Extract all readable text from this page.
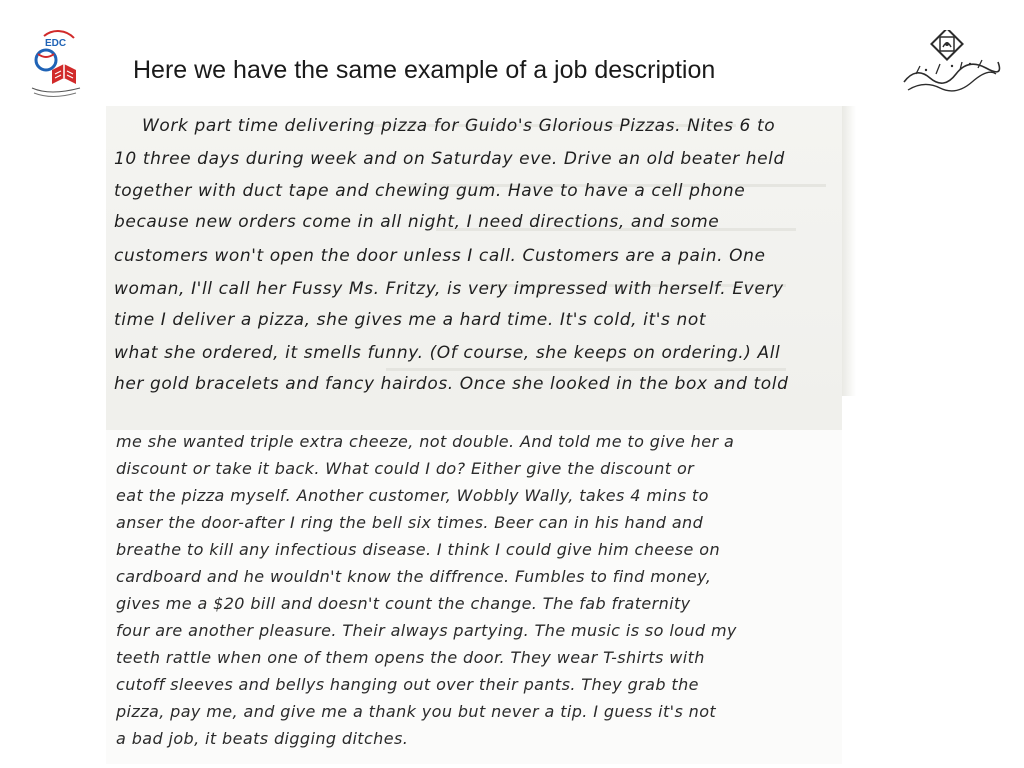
EDC
Here we have the same example of a job description

Work part time delivering pizza for Guido's Glorious Pizzas. Nites 6 to

10 three days during week and on Saturday eve. Drive an old beater held

together with duct tape and chewing gum. Have to have a cell phone

because new orders come in all night, I need directions, and some

customers won't open the door unless I call. Customers are a pain. One

woman, I'll call her Fussy Ms. Fritzy, is very impressed with herself. Every

time I deliver a pizza, she gives me a hard time. It's cold, it's not

what she ordered, it smells funny. (Of course, she keeps on ordering.) All

her gold bracelets and fancy hairdos. Once she looked in the box and told

me she wanted triple extra cheeze, not double. And told me to give her a

discount or take it back. What could I do? Either give the discount or

eat the pizza myself. Another customer, Wobbly Wally, takes 4 mins to

anser the door-after I ring the bell six times. Beer can in his hand and

breathe to kill any infectious disease. I think I could give him cheese on

cardboard and he wouldn't know the diffrence. Fumbles to find money,

gives me a $20 bill and doesn't count the change. The fab fraternity

four are another pleasure. Their always partying. The music is so loud my

teeth rattle when one of them opens the door. They wear T-shirts with

cutoff sleeves and bellys hanging out over their pants. They grab the

pizza, pay me, and give me a thank you but never a tip. I guess it's not

a bad job, it beats digging ditches.
